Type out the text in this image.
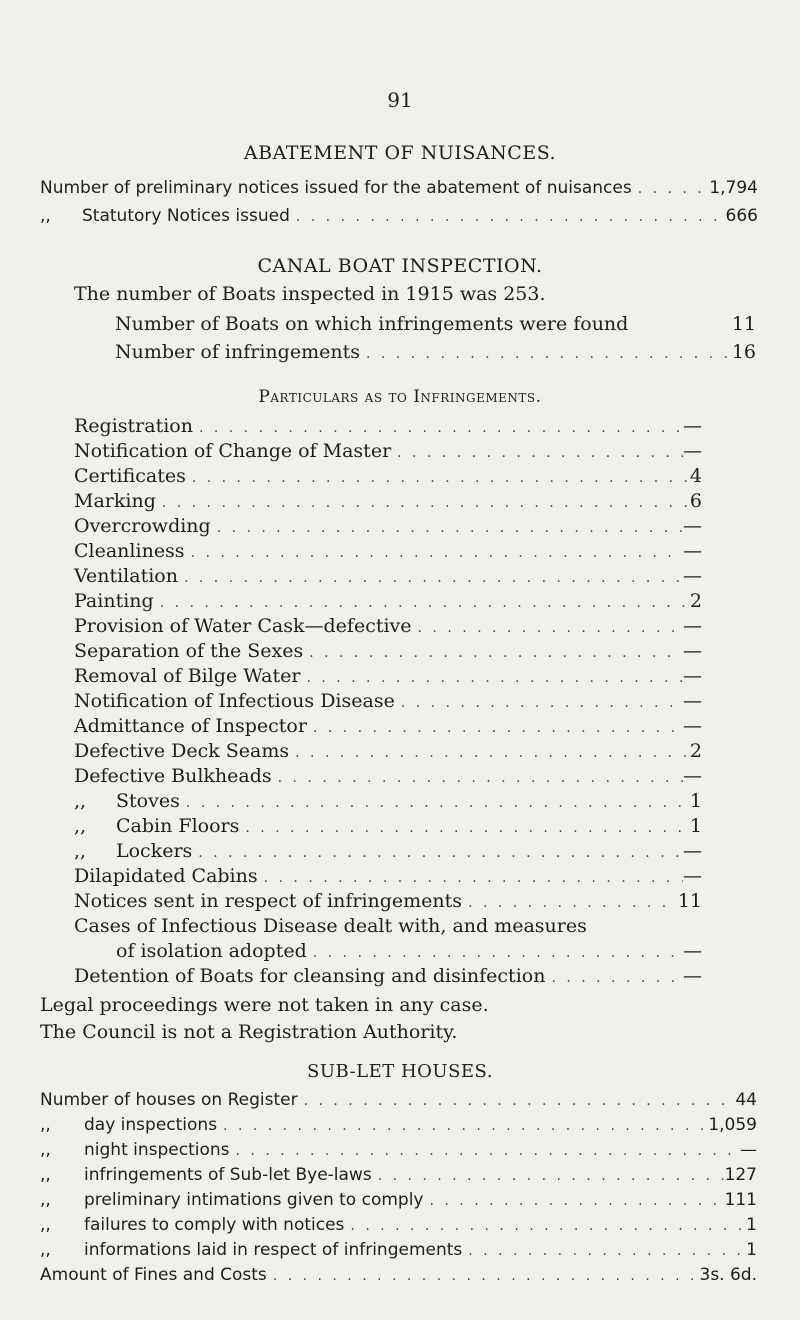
91
ABATEMENT OF NUISANCES.
Number of preliminary notices issued for the abatement of nuisances . . .	1,794
,,	Statutory Notices issued . . .	666
CANAL BOAT INSPECTION.
The number of Boats inspected in 1915 was 253.
Number of Boats on which infringements were found	11
Number of infringements . . .	16
Particulars as to Infringements.
Registration . . .	—
Notification of Change of Master . . .	—
Certificates . . .	4
Marking . . .	6
Overcrowding . . .	—
Cleanliness . . .	—
Ventilation . . .	—
Painting . . .	2
Provision of Water Cask—defective . . .	—
Separation of the Sexes . . .	—
Removal of Bilge Water . . .	—
Notification of Infectious Disease . . .	—
Admittance of Inspector . . .	—
Defective Deck Seams . . .	2
Defective Bulkheads . . .	—
,,	Stoves . . .	1
,,	Cabin Floors . . .	1
,,	Lockers . . .	—
Dilapidated Cabins . . .	—
Notices sent in respect of infringements . . .	11
Cases of Infectious Disease dealt with, and measures
of isolation adopted . . .	—
Detention of Boats for cleansing and disinfection . . .	—
Legal proceedings were not taken in any case.
The Council is not a Registration Authority.
SUB-LET HOUSES.
Number of houses on Register . . .	44
,,	day inspections . . .	1,059
,,	night inspections . . .	—
,,	infringements of Sub-let Bye-laws . . .	127
,,	preliminary intimations given to comply . . .	111
,,	failures to comply with notices . . .	1
,,	informations laid in respect of infringements . . .	1
Amount of Fines and Costs . . .	3s. 6d.
